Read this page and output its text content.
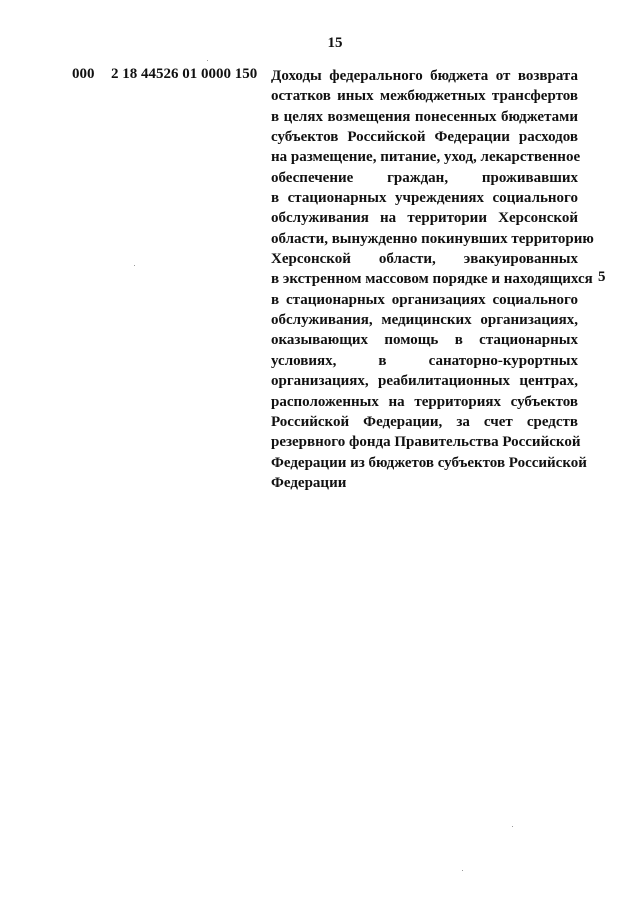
15
000 2 18 44526 01 0000 150 Доходы федерального бюджета от возврата
остатков иных межбюджетных трансфертов
в целях возмещения понесенных бюджетами
субъектов Российской Федерации расходов
на размещение, питание, уход, лекарственное
обеспечение граждан, проживавших
в стационарных учреждениях социального
обслуживания на территории Херсонской
области, вынужденно покинувших территорию
Херсонской области, эвакуированных
в экстренном массовом порядке и находящихся
в стационарных организациях социального
обслуживания, медицинских организациях,
оказывающих помощь в стационарных
условиях, в санаторно-курортных
организациях, реабилитационных центрах,
расположенных на территориях субъектов
Российской Федерации, за счет средств
резервного фонда Правительства Российской
Федерации из бюджетов субъектов Российской
Федерации
5
